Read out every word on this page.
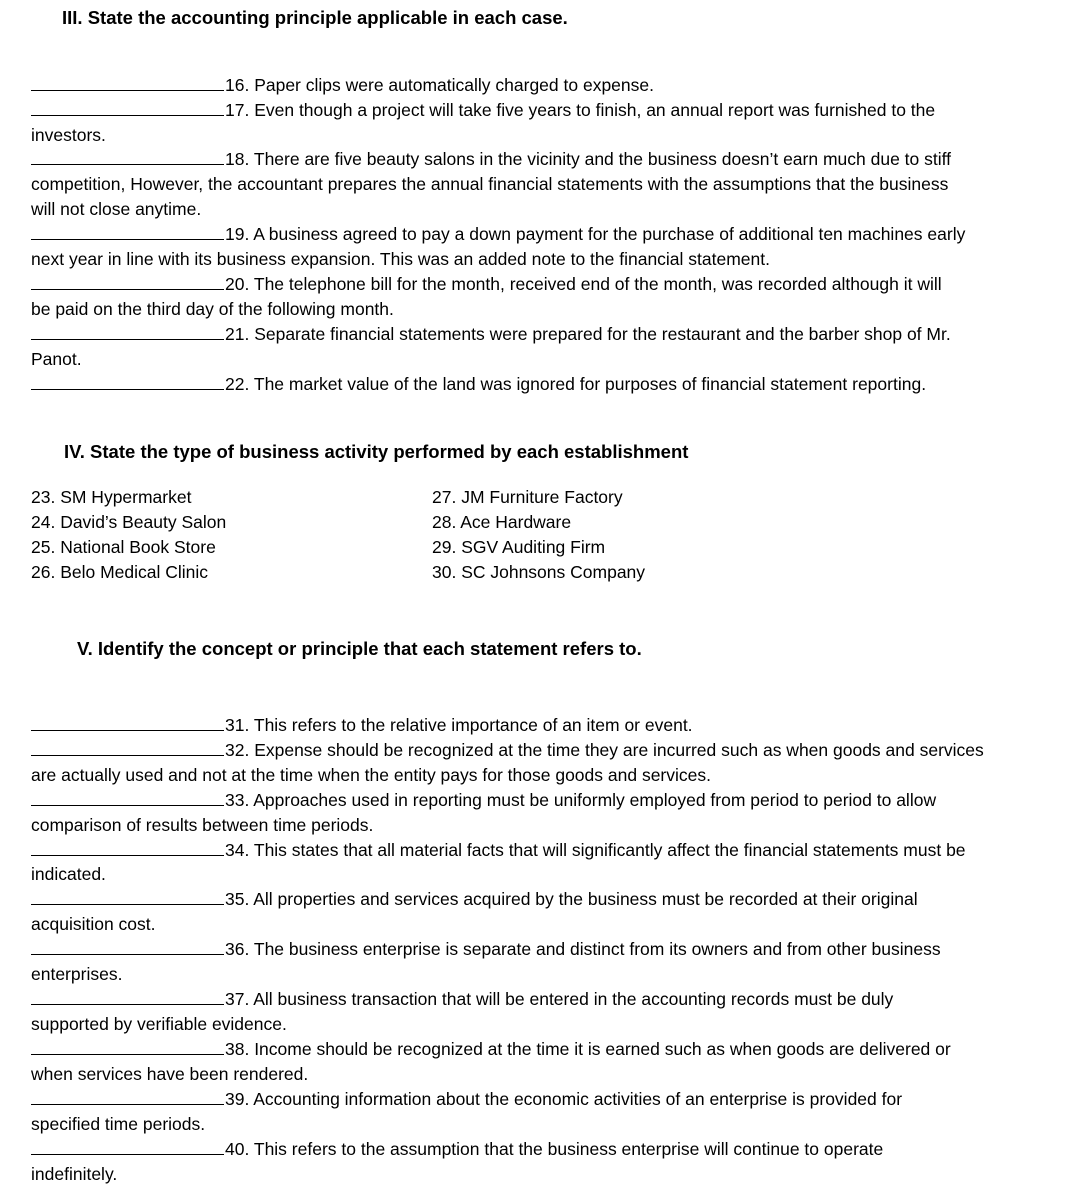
III. State the accounting principle applicable in each case.
16. Paper clips were automatically charged to expense.
17. Even though a project will take five years to finish, an annual report was furnished to the
investors.
18. There are five beauty salons in the vicinity and the business doesn’t earn much due to stiff
competition, However, the accountant prepares the annual financial statements with the assumptions that the business
will not close anytime.
19. A business agreed to pay a down payment for the purchase of additional ten machines early
next year in line with its business expansion. This was an added note to the financial statement.
20. The telephone bill for the month, received end of the month, was recorded although it will
be paid on the third day of the following month.
21. Separate financial statements were prepared for the restaurant and the barber shop of Mr.
Panot.
22. The market value of the land was ignored for purposes of financial statement reporting.
IV. State the type of business activity performed by each establishment
23. SM Hypermarket
24. David’s Beauty Salon
25. National Book Store
26. Belo Medical Clinic
27. JM Furniture Factory
28. Ace Hardware
29. SGV Auditing Firm
30. SC Johnsons Company
V. Identify the concept or principle that each statement refers to.
31. This refers to the relative importance of an item or event.
32. Expense should be recognized at the time they are incurred such as when goods and services
are actually used and not at the time when the entity pays for those goods and services.
33. Approaches used in reporting must be uniformly employed from period to period to allow
comparison of results between time periods.
34. This states that all material facts that will significantly affect the financial statements must be
indicated.
35. All properties and services acquired by the business must be recorded at their original
acquisition cost.
36. The business enterprise is separate and distinct from its owners and from other business
enterprises.
37. All business transaction that will be entered in the accounting records must be duly
supported by verifiable evidence.
38. Income should be recognized at the time it is earned such as when goods are delivered or
when services have been rendered.
39. Accounting information about the economic activities of an enterprise is provided for
specified time periods.
40. This refers to the assumption that the business enterprise will continue to operate
indefinitely.
